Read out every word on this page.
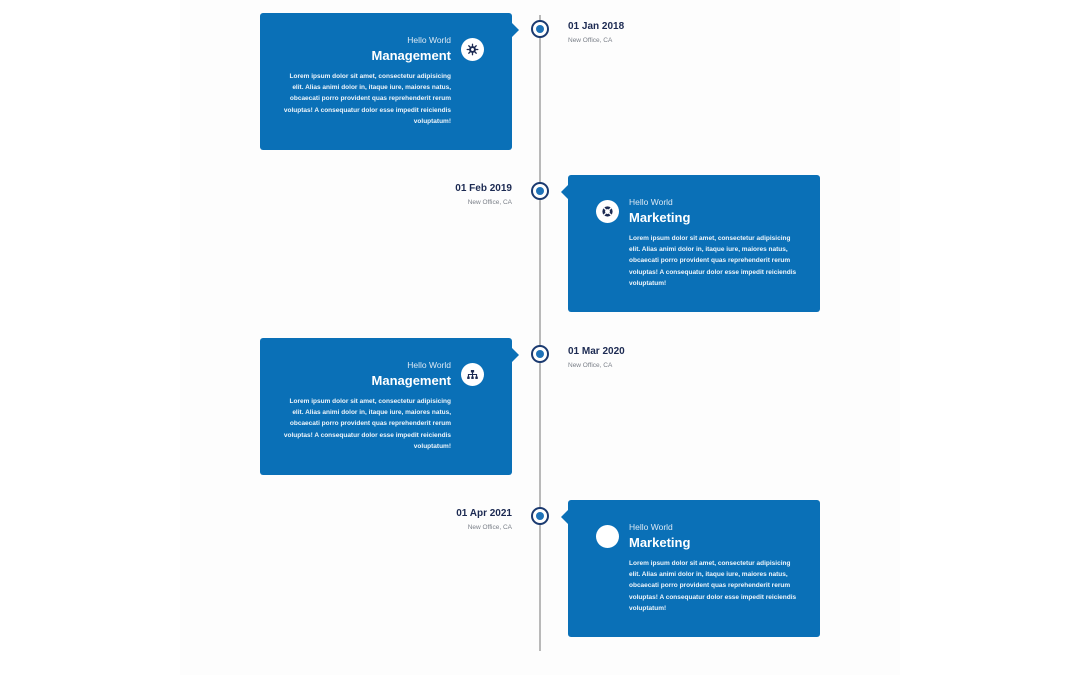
01 Jan 2018
New Office, CA
Hello World
Management
Lorem ipsum dolor sit amet, consectetur adipisicing elit. Alias animi dolor in, itaque iure, maiores natus, obcaecati porro provident quas reprehenderit rerum voluptas! A consequatur dolor esse impedit reiciendis voluptatum!
01 Feb 2019
New Office, CA	Hello World
Marketing
Lorem ipsum dolor sit amet, consectetur adipisicing elit. Alias animi dolor in, itaque iure, maiores natus, obcaecati porro provident quas reprehenderit rerum voluptas! A consequatur dolor esse impedit reiciendis voluptatum!
01 Mar 2020
New Office, CA
Hello World
Management
Lorem ipsum dolor sit amet, consectetur adipisicing elit. Alias animi dolor in, itaque iure, maiores natus, obcaecati porro provident quas reprehenderit rerum voluptas! A consequatur dolor esse impedit reiciendis voluptatum!
01 Apr 2021
New Office, CA	Hello World
Marketing
Lorem ipsum dolor sit amet, consectetur adipisicing elit. Alias animi dolor in, itaque iure, maiores natus, obcaecati porro provident quas reprehenderit rerum voluptas! A consequatur dolor esse impedit reiciendis voluptatum!
